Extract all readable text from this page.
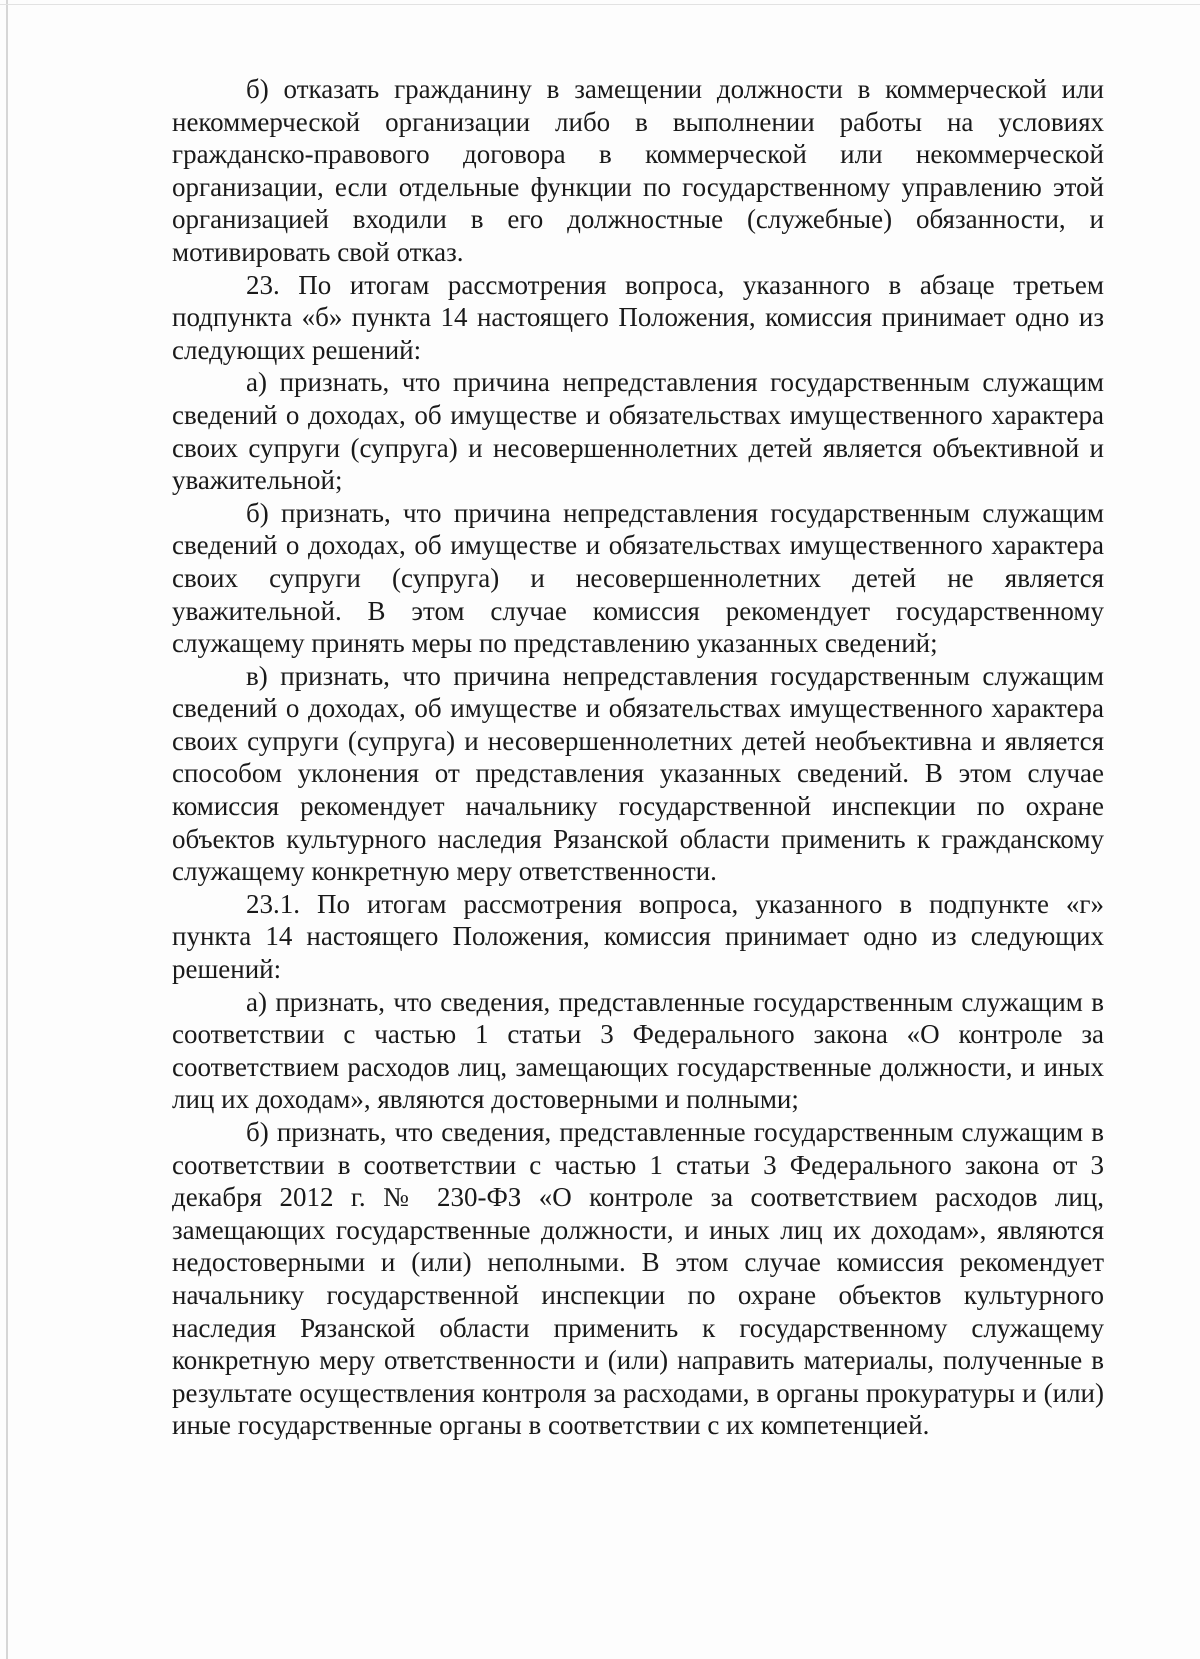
б) отказать гражданину в замещении должности в коммерческой или некоммерческой организации либо в выполнении работы на условиях гражданско-правового договора в коммерческой или некоммерческой организации, если отдельные функции по государственному управлению этой организацией входили в его должностные (служебные) обязанности, и мотивировать свой отказ.

23. По итогам рассмотрения вопроса, указанного в абзаце третьем подпункта «б» пункта 14 настоящего Положения, комиссия принимает одно из следующих решений:

а) признать, что причина непредставления государственным служащим сведений о доходах, об имуществе и обязательствах имущественного характера своих супруги (супруга) и несовершеннолетних детей является объективной и уважительной;

б) признать, что причина непредставления государственным служащим сведений о доходах, об имуществе и обязательствах имущественного характера своих супруги (супруга) и несовершеннолетних детей не является уважительной. В этом случае комиссия рекомендует государственному служащему принять меры по представлению указанных сведений;

в) признать, что причина непредставления государственным служащим сведений о доходах, об имуществе и обязательствах имущественного характера своих супруги (супруга) и несовершеннолетних детей необъективна и является способом уклонения от представления указанных сведений. В этом случае комиссия рекомендует начальнику государственной инспекции по охране объектов культурного наследия Рязанской области применить к гражданскому служащему конкретную меру ответственности.

23.1. По итогам рассмотрения вопроса, указанного в подпункте «г» пункта 14 настоящего Положения, комиссия принимает одно из следующих решений:

а) признать, что сведения, представленные государственным служащим в соответствии с частью 1 статьи 3 Федерального закона «О контроле за соответствием расходов лиц, замещающих государственные должности, и иных лиц их доходам», являются достоверными и полными;

б) признать, что сведения, представленные государственным служащим в соответствии в соответствии с частью 1 статьи 3 Федерального закона от 3 декабря 2012 г. № 230-ФЗ «О контроле за соответствием расходов лиц, замещающих государственные должности, и иных лиц их доходам», являются недостоверными и (или) неполными. В этом случае комиссия рекомендует начальнику государственной инспекции по охране объектов культурного наследия Рязанской области применить к государственному служащему конкретную меру ответственности и (или) направить материалы, полученные в результате осуществления контроля за расходами, в органы прокуратуры и (или) иные государственные органы в соответствии с их компетенцией.
